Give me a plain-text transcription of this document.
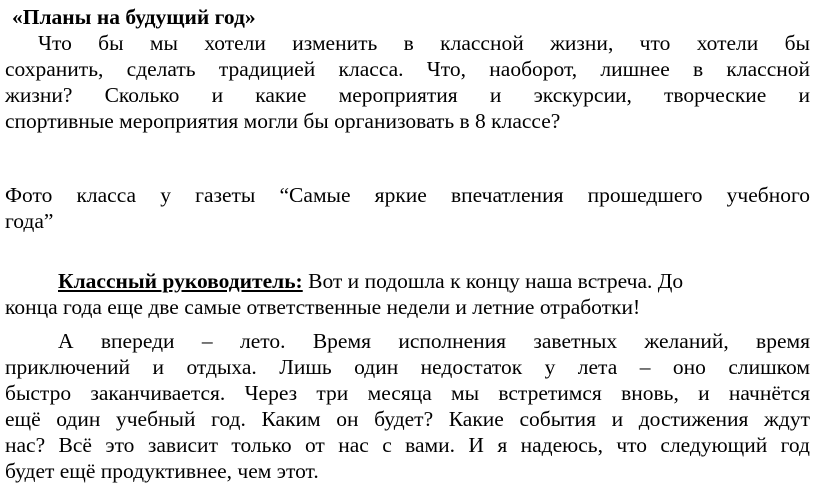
«Планы на будущий год»
Что бы мы хотели изменить в классной жизни, что хотели бы
сохранить, сделать традицией класса. Что, наоборот, лишнее в классной
жизни? Сколько и какие мероприятия и экскурсии, творческие и
спортивные мероприятия могли бы организовать в 8 классе?
Фото класса у газеты “Самые яркие впечатления прошедшего учебного
года”
Классный руководитель: Вот и подошла к концу наша встреча. До
конца года еще две самые ответственные недели и летние отработки!
А впереди – лето. Время исполнения заветных желаний, время
приключений и отдыха. Лишь один недостаток у лета – оно слишком
быстро заканчивается. Через три месяца мы встретимся вновь, и начнётся
ещё один учебный год. Каким он будет? Какие события и достижения ждут
нас? Всё это зависит только от нас с вами. И я надеюсь, что следующий год
будет ещё продуктивнее, чем этот.
